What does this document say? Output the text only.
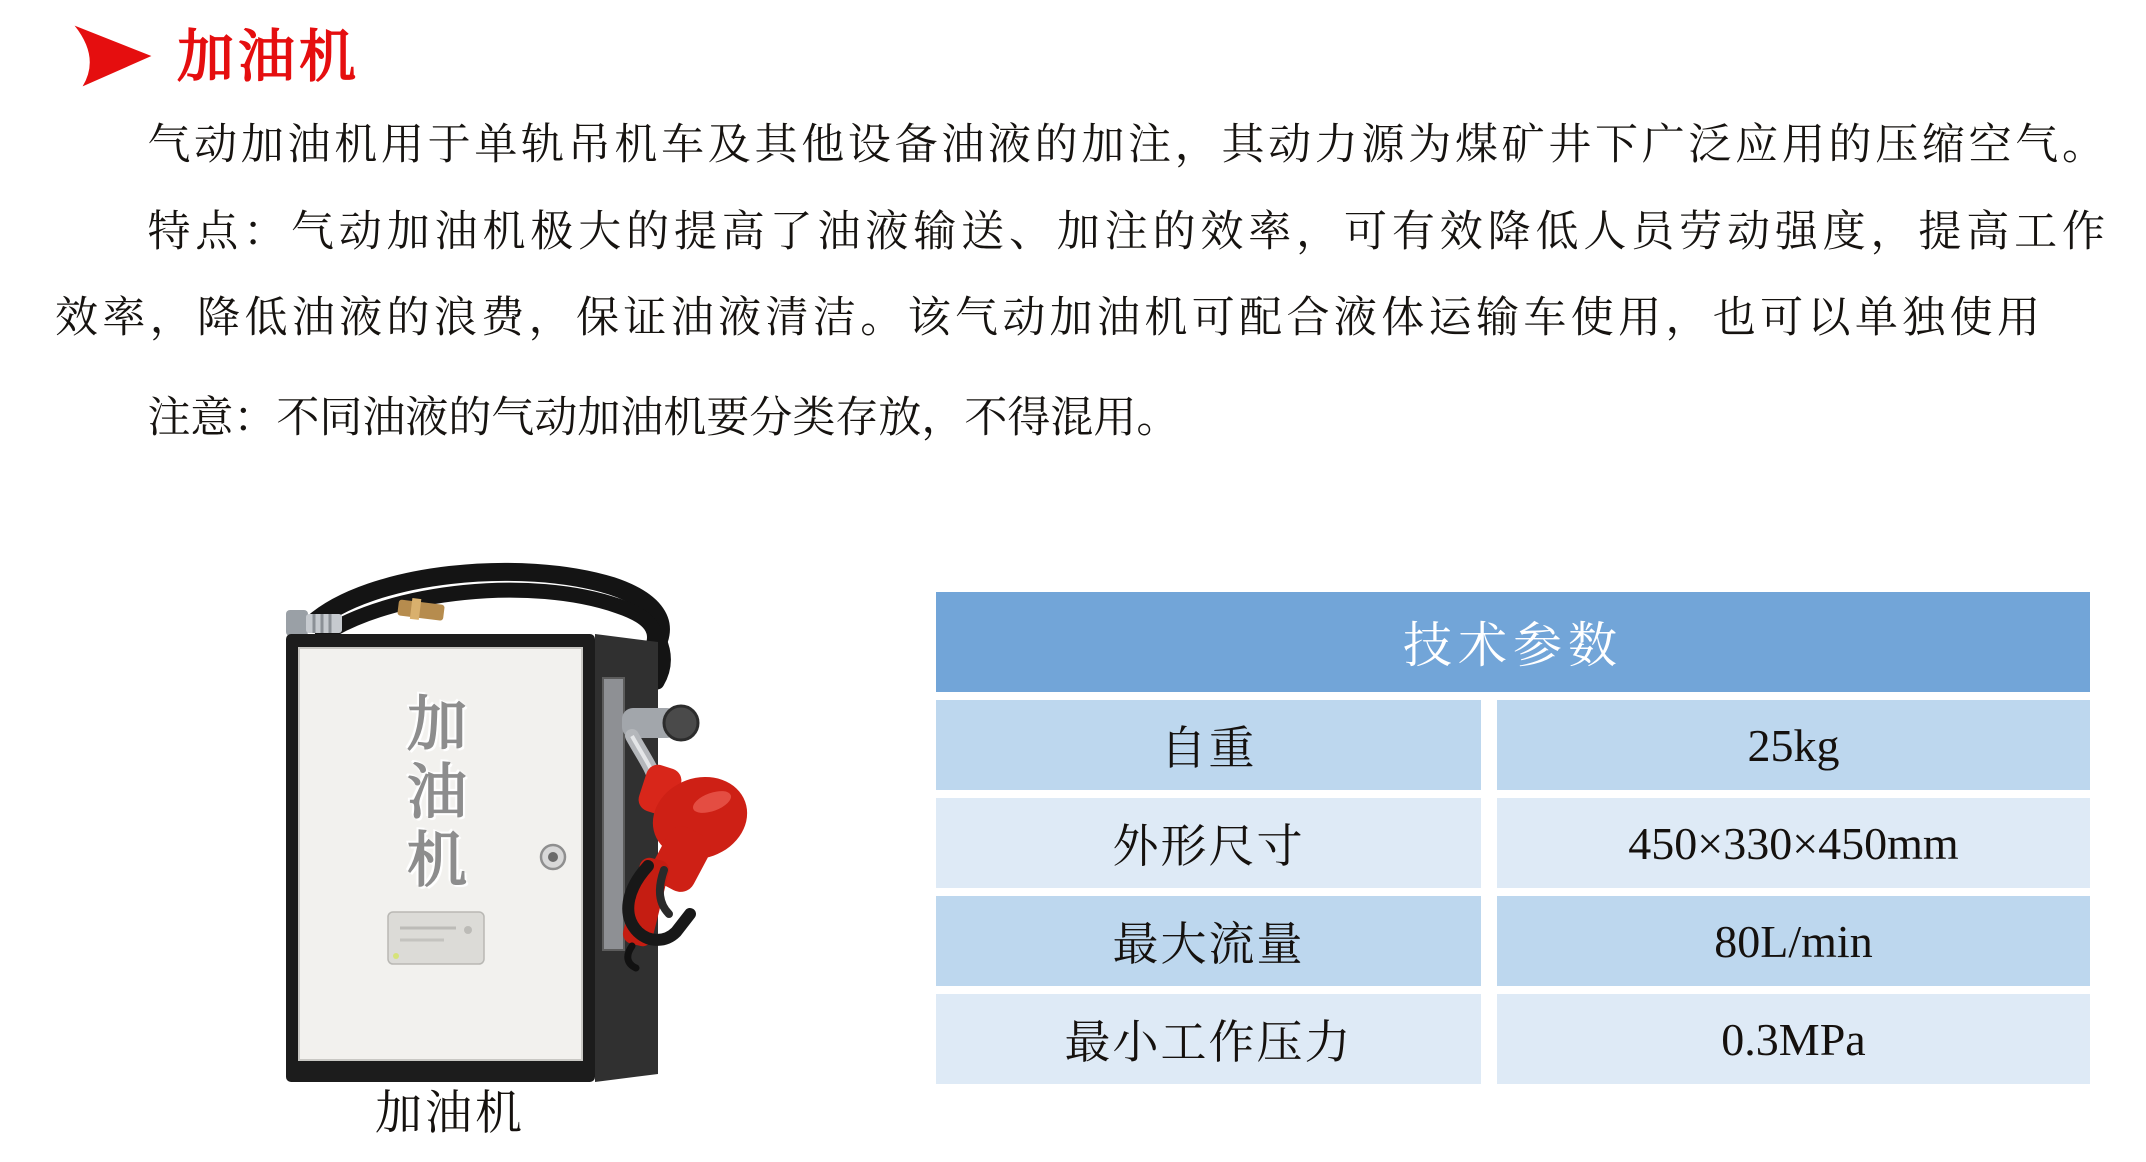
加油机
气动加油机用于单轨吊机车及其他设备油液的加注，其动力源为煤矿井下广泛应用的压缩空气。
特点：气动加油机极大的提高了油液输送、加注的效率，可有效降低人员劳动强度，提高工作
效率，降低油液的浪费，保证油液清洁。该气动加油机可配合液体运输车使用，也可以单独使用
注意：不同油液的气动加油机要分类存放，不得混用。
加油机
加油机
技术参数
自重	25kg
外形尺寸	450×330×450mm
最大流量	80L/min
最小工作压力	0.3MPa
